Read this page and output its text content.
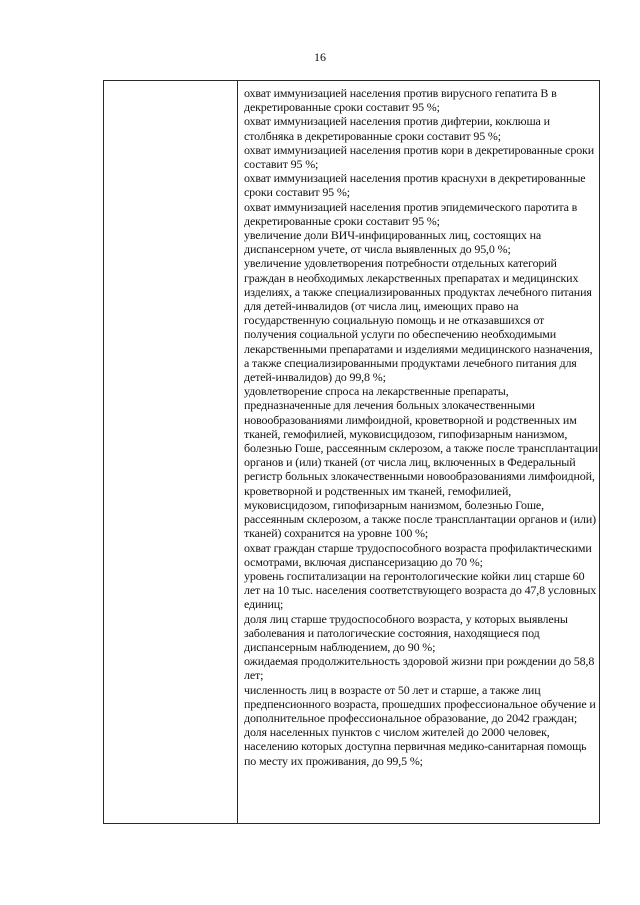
16
охват иммунизацией населения против вирусного гепатита В в декретированные сроки составит 95 %;
охват иммунизацией населения против дифтерии, коклюша и столбняка в декретированные сроки составит 95 %;
охват иммунизацией населения против кори в декретированные сроки составит 95 %;
охват иммунизацией населения против краснухи в декретированные сроки составит 95 %;
охват иммунизацией населения против эпидемического паротита в декретированные сроки составит 95 %;
увеличение доли ВИЧ-инфицированных лиц, состоящих на диспансерном учете, от числа выявленных до 95,0 %;
увеличение удовлетворения потребности отдельных категорий граждан в необходимых лекарственных препаратах и медицинских изделиях, а также специализированных продуктах лечебного питания для детей-инвалидов (от числа лиц, имеющих право на государственную социальную помощь и не отказавшихся от получения социальной услуги по обеспечению необходимыми лекарственными препаратами и изделиями медицинского назначения, а также специализированными продуктами лечебного питания для детей-инвалидов) до 99,8 %;
удовлетворение спроса на лекарственные препараты, предназначенные для лечения больных злокачественными новообразованиями лимфоидной, кроветворной и родственных им тканей, гемофилией, муковисцидозом, гипофизарным нанизмом, болезнью Гоше, рассеянным склерозом, а также после трансплантации органов и (или) тканей (от числа лиц, включенных в Федеральный регистр больных злокачественными новообразованиями лимфоидной, кроветворной и родственных им тканей, гемофилией, муковисцидозом, гипофизарным нанизмом, болезнью Гоше, рассеянным склерозом, а также после трансплантации органов и (или) тканей) сохранится на уровне 100 %;
охват граждан старше трудоспособного возраста профилактическими осмотрами, включая диспансеризацию до 70 %;
уровень госпитализации на геронтологические койки лиц старше 60 лет на 10 тыс. населения соответствующего возраста до 47,8 условных единиц;
доля лиц старше трудоспособного возраста, у которых выявлены заболевания и патологические состояния, находящиеся под диспансерным наблюдением, до 90 %;
ожидаемая продолжительность здоровой жизни при рождении до 58,8 лет;
численность лиц в возрасте от 50 лет и старше, а также лиц предпенсионного возраста, прошедших профессиональное обучение и дополнительное профессиональное образование, до 2042 граждан;
доля населенных пунктов с числом жителей до 2000 человек, населению которых доступна первичная медико-санитарная помощь по месту их проживания, до 99,5 %;
